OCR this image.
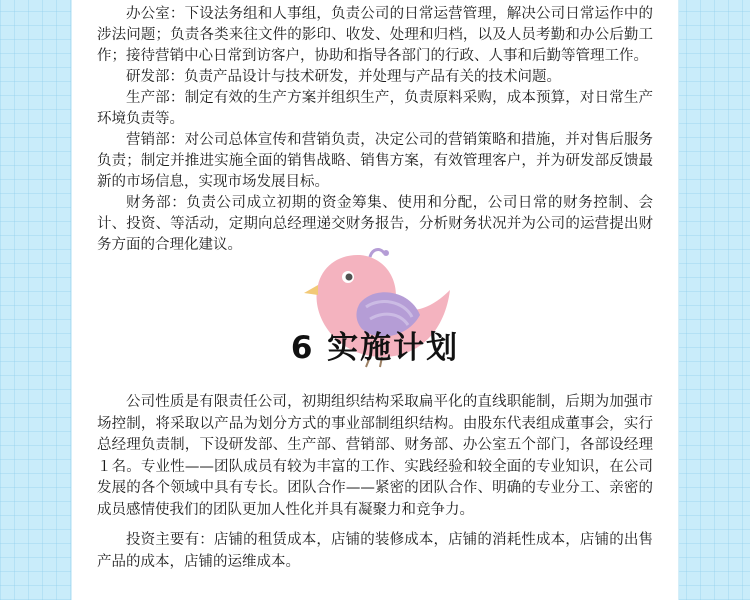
办公室：下设法务组和人事组，负责公司的日常运营管理，解决公司日常运作中的涉法问题；负责各类来往文件的影印、收发、处理和归档，以及人员考勤和办公后勤工作；接待营销中心日常到访客户，协助和指导各部门的行政、人事和后勤等管理工作。

研发部：负责产品设计与技术研发，并处理与产品有关的技术问题。

生产部：制定有效的生产方案并组织生产，负责原料采购，成本预算，对日常生产环境负责等。

营销部：对公司总体宣传和营销负责，决定公司的营销策略和措施，并对售后服务负责；制定并推进实施全面的销售战略、销售方案，有效管理客户，并为研发部反馈最新的市场信息，实现市场发展目标。

财务部：负责公司成立初期的资金筹集、使用和分配，公司日常的财务控制、会计、投资、等活动，定期向总经理递交财务报告，分析财务状况并为公司的运营提出财务方面的合理化建议。

6 实施计划

公司性质是有限责任公司，初期组织结构采取扁平化的直线职能制，后期为加强市场控制，将采取以产品为划分方式的事业部制组织结构。由股东代表组成董事会，实行总经理负责制，下设研发部、生产部、营销部、财务部、办公室五个部门，各部设经理１名。专业性——团队成员有较为丰富的工作、实践经验和较全面的专业知识，在公司发展的各个领域中具有专长。团队合作——紧密的团队合作、明确的专业分工、亲密的成员感情使我们的团队更加人性化并具有凝聚力和竞争力。

投资主要有：店铺的租赁成本，店铺的装修成本，店铺的消耗性成本，店铺的出售产品的成本，店铺的运维成本。
